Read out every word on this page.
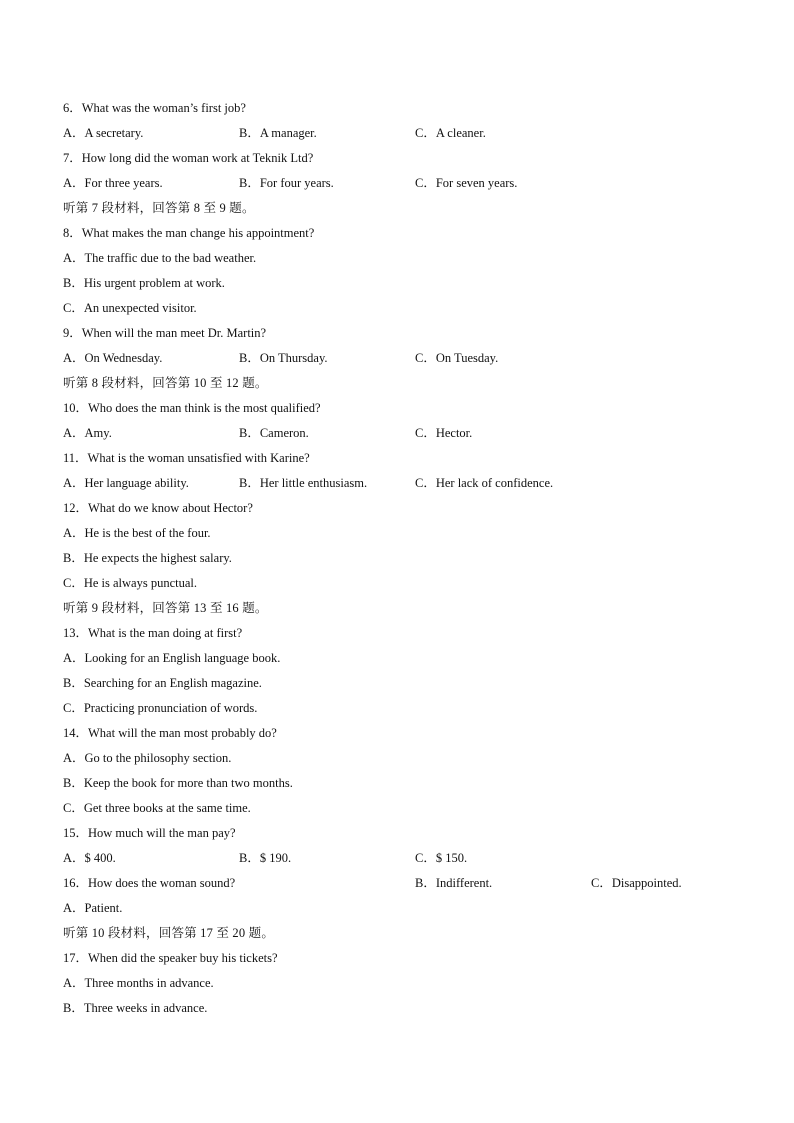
6．What was the woman’s first job?
A．A secretary.	B．A manager.	C．A cleaner.
7．How long did the woman work at Teknik Ltd?
A．For three years.	B．For four years.	C．For seven years.
听第 7 段材料，回答第 8 至 9 题。
8．What makes the man change his appointment?
A．The traffic due to the bad weather.
B．His urgent problem at work.
C．An unexpected visitor.
9．When will the man meet Dr. Martin?
A．On Wednesday.	B．On Thursday.	C．On Tuesday.
听第 8 段材料，回答第 10 至 12 题。
10．Who does the man think is the most qualified?
A．Amy.	B．Cameron.	C．Hector.
11．What is the woman unsatisfied with Karine?
A．Her language ability.	B．Her little enthusiasm.	C．Her lack of confidence.
12．What do we know about Hector?
A．He is the best of the four.
B．He expects the highest salary.
C．He is always punctual.
听第 9 段材料，回答第 13 至 16 题。
13．What is the man doing at first?
A．Looking for an English language book.
B．Searching for an English magazine.
C．Practicing pronunciation of words.
14．What will the man most probably do?
A．Go to the philosophy section.
B．Keep the book for more than two months.
C．Get three books at the same time.
15．How much will the man pay?
A．$ 400.	B．$ 190.	C．$ 150.
16．How does the woman sound?	B．Indifferent.	C．Disappointed.
A．Patient.
听第 10 段材料，回答第 17 至 20 题。
17．When did the speaker buy his tickets?
A．Three months in advance.
B．Three weeks in advance.
